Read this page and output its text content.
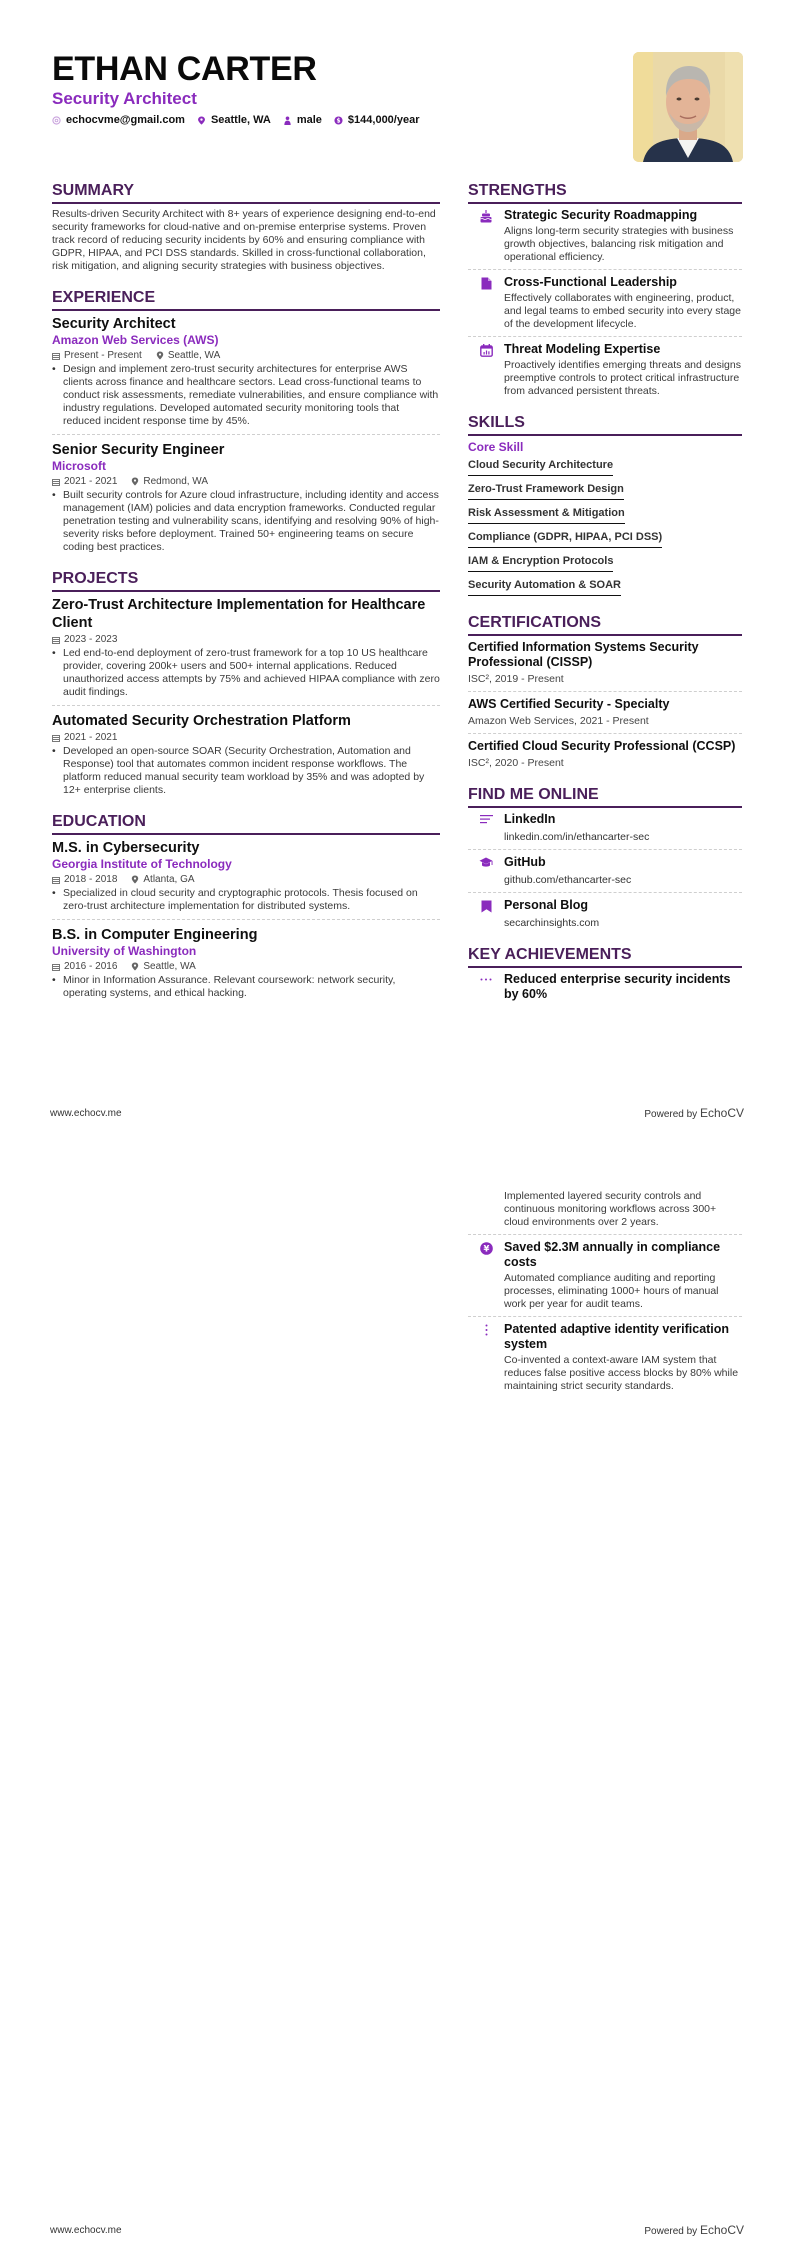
ETHAN CARTER
Security Architect
echocvme@gmail.com Seattle, WA male $ $144,000/year
SUMMARY

Results-driven Security Architect with 8+ years of experience designing end-to-end security frameworks for cloud-native and on-premise enterprise systems. Proven track record of reducing security incidents by 60% and ensuring compliance with GDPR, HIPAA, and PCI DSS standards. Skilled in cross-functional collaboration, risk mitigation, and aligning security strategies with business objectives.

EXPERIENCE
Security Architect
Amazon Web Services (AWS)
Present - Present	Seattle, WA
• Design and implement zero-trust security architectures for enterprise AWS clients across finance and healthcare sectors. Lead cross-functional teams to conduct risk assessments, remediate vulnerabilities, and ensure compliance with industry regulations. Developed automated security monitoring tools that reduced incident response time by 45%.
Senior Security Engineer
Microsoft
2021 - 2021	Redmond, WA
• Built security controls for Azure cloud infrastructure, including identity and access management (IAM) policies and data encryption frameworks. Conducted regular penetration testing and vulnerability scans, identifying and resolving 90% of high-severity risks before deployment. Trained 50+ engineering teams on secure coding best practices.
PROJECTS
Zero-Trust Architecture Implementation for Healthcare Client
2023 - 2023
• Led end-to-end deployment of zero-trust framework for a top 10 US healthcare provider, covering 200k+ users and 500+ internal applications. Reduced unauthorized access attempts by 75% and achieved HIPAA compliance with zero audit findings.
Automated Security Orchestration Platform
2021 - 2021
• Developed an open-source SOAR (Security Orchestration, Automation and Response) tool that automates common incident response workflows. The platform reduced manual security team workload by 35% and was adopted by 12+ enterprise clients.
EDUCATION
M.S. in Cybersecurity
Georgia Institute of Technology
2018 - 2018	Atlanta, GA
• Specialized in cloud security and cryptographic protocols. Thesis focused on zero-trust architecture implementation for distributed systems.
B.S. in Computer Engineering
University of Washington
2016 - 2016	Seattle, WA
• Minor in Information Assurance. Relevant coursework: network security, operating systems, and ethical hacking.
STRENGTHS
Strategic Security Roadmapping
Aligns long-term security strategies with business growth objectives, balancing risk mitigation and operational efficiency.
Cross-Functional Leadership
Effectively collaborates with engineering, product, and legal teams to embed security into every stage of the development lifecycle.
Threat Modeling Expertise
Proactively identifies emerging threats and designs preemptive controls to protect critical infrastructure from advanced persistent threats.
SKILLS
Core Skill
Cloud Security Architecture
Zero-Trust Framework Design
Risk Assessment & Mitigation
Compliance (GDPR, HIPAA, PCI DSS)
IAM & Encryption Protocols
Security Automation & SOAR
CERTIFICATIONS
Certified Information Systems Security Professional (CISSP)
ISC², 2019 - Present
AWS Certified Security - Specialty
Amazon Web Services, 2021 - Present
Certified Cloud Security Professional (CCSP)
ISC², 2020 - Present
FIND ME ONLINE
LinkedIn
linkedin.com/in/ethancarter-sec
GitHub
github.com/ethancarter-sec
Personal Blog
secarchinsights.com
KEY ACHIEVEMENTS
Reduced enterprise security incidents by 60%
www.echocv.me	Powered by EchoCV
Implemented layered security controls and continuous monitoring workflows across 300+ cloud environments over 2 years.
¥ Saved $2.3M annually in compliance costs
Automated compliance auditing and reporting processes, eliminating 1000+ hours of manual work per year for audit teams.
Patented adaptive identity verification system
Co-invented a context-aware IAM system that reduces false positive access blocks by 80% while maintaining strict security standards.
www.echocv.me	Powered by EchoCV
